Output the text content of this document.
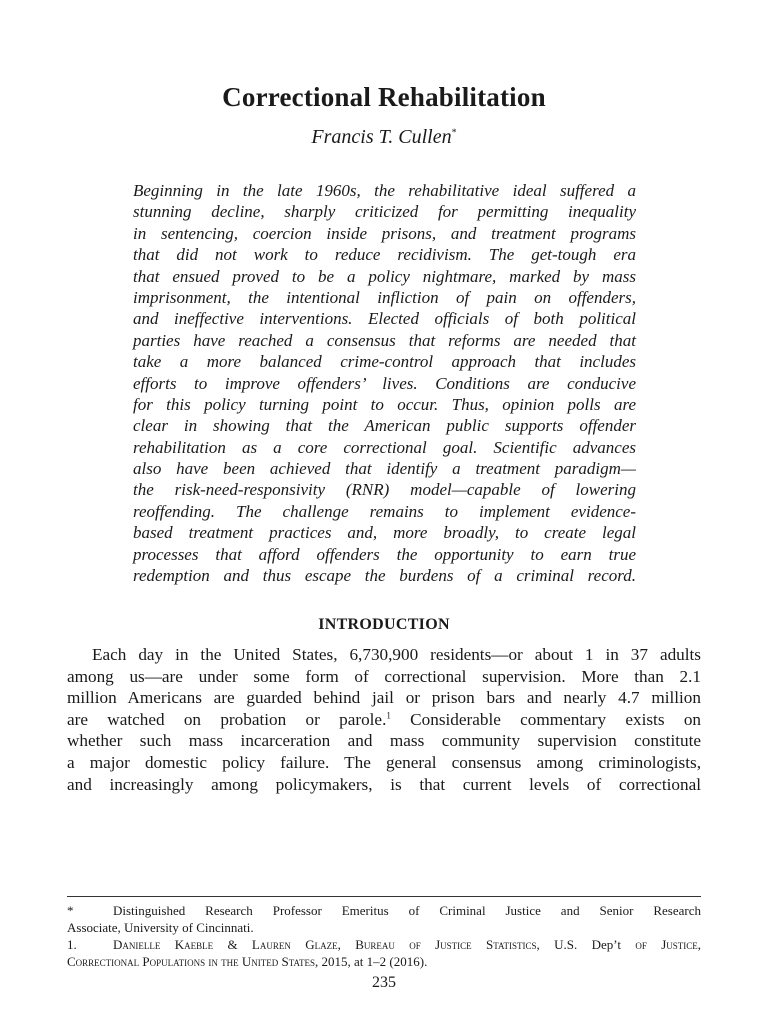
Correctional Rehabilitation
Francis T. Cullen*
Beginning in the late 1960s, the rehabilitative ideal suffered a
stunning decline, sharply criticized for permitting inequality
in sentencing, coercion inside prisons, and treatment programs
that did not work to reduce recidivism. The get-tough era
that ensued proved to be a policy nightmare, marked by mass
imprisonment, the intentional infliction of pain on offenders,
and ineffective interventions. Elected officials of both political
parties have reached a consensus that reforms are needed that
take a more balanced crime-control approach that includes
efforts to improve offenders’ lives. Conditions are conducive
for this policy turning point to occur. Thus, opinion polls are
clear in showing that the American public supports offender
rehabilitation as a core correctional goal. Scientific advances
also have been achieved that identify a treatment paradigm—
the risk-need-responsivity (RNR) model—capable of lowering
reoffending. The challenge remains to implement evidence-
based treatment practices and, more broadly, to create legal
processes that afford offenders the opportunity to earn true
redemption and thus escape the burdens of a criminal record.
INTRODUCTION
Each day in the United States, 6,730,900 residents—or about 1 in 37 adults
among us—are under some form of correctional supervision. More than 2.1
million Americans are guarded behind jail or prison bars and nearly 4.7 million
are watched on probation or parole.$^1$ Considerable commentary exists on
whether such mass incarceration and mass community supervision constitute
a major domestic policy failure. The general consensus among criminologists,
and increasingly among policymakers, is that current levels of correctional
*	Distinguished Research Professor Emeritus of Criminal Justice and Senior Research
Associate, University of Cincinnati.
1.	Danielle Kaeble & Lauren Glaze, Bureau of Justice Statistics, U.S. Dep’t of Justice,
Correctional Populations in the United States, 2015, at 1–2 (2016).
235
